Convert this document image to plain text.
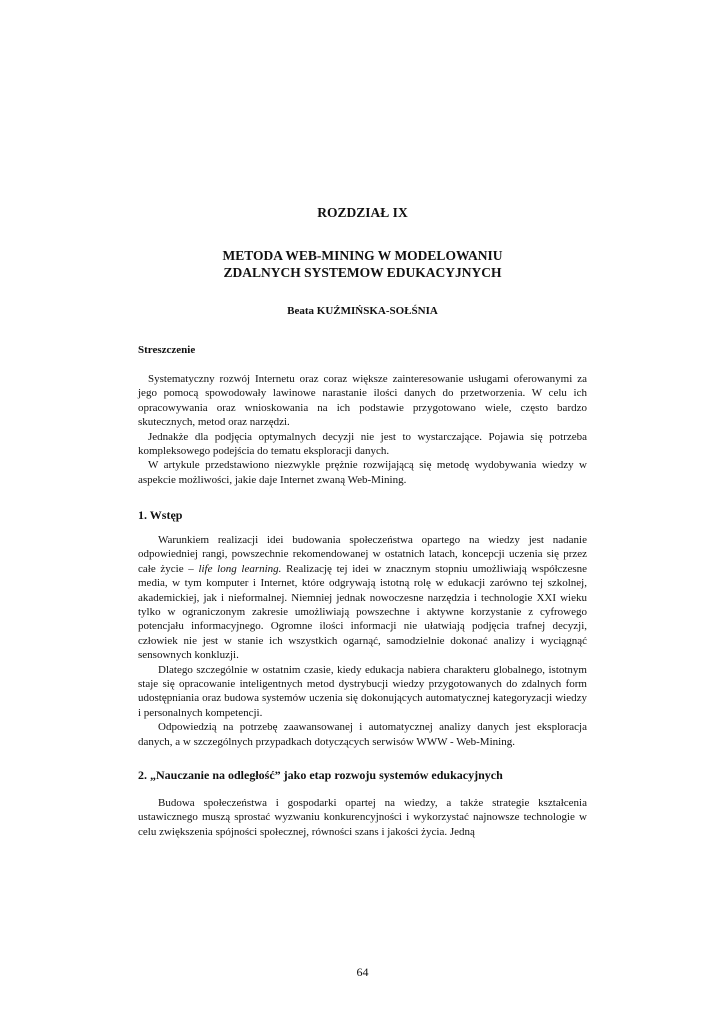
ROZDZIAŁ IX
METODA WEB-MINING W MODELOWANIU
ZDALNYCH SYSTEMOW EDUKACYJNYCH
Beata KUŹMIŃSKA-SOŁŚNIA
Streszczenie

Systematyczny rozwój Internetu oraz coraz większe zainteresowanie usługami oferowanymi za jego pomocą spowodowały lawinowe narastanie ilości danych do przetworzenia. W celu ich opracowywania oraz wnioskowania na ich podstawie przygotowano wiele, często bardzo skutecznych, metod oraz narzędzi.

Jednakże dla podjęcia optymalnych decyzji nie jest to wystarczające. Pojawia się potrzeba kompleksowego podejścia do tematu eksploracji danych.

W artykule przedstawiono niezwykle prężnie rozwijającą się metodę wydobywania wiedzy w aspekcie możliwości, jakie daje Internet zwaną Web-Mining.

1. Wstęp

Warunkiem realizacji idei budowania społeczeństwa opartego na wiedzy jest nadanie odpowiedniej rangi, powszechnie rekomendowanej w ostatnich latach, koncepcji uczenia się przez całe życie – life long learning. Realizację tej idei w znacznym stopniu umożliwiają współczesne media, w tym komputer i Internet, które odgrywają istotną rolę w edukacji zarówno tej szkolnej, akademickiej, jak i nieformalnej. Niemniej jednak nowoczesne narzędzia i technologie XXI wieku tylko w ograniczonym zakresie umożliwiają powszechne i aktywne korzystanie z cyfrowego potencjału informacyjnego. Ogromne ilości informacji nie ułatwiają podjęcia trafnej decyzji, człowiek nie jest w stanie ich wszystkich ogarnąć, samodzielnie dokonać analizy i wyciągnąć sensownych konkluzji.

Dlatego szczególnie w ostatnim czasie, kiedy edukacja nabiera charakteru globalnego, istotnym staje się opracowanie inteligentnych metod dystrybucji wiedzy przygotowanych do zdalnych form udostępniania oraz budowa systemów uczenia się dokonujących automatycznej kategoryzacji wiedzy i personalnych kompetencji.

Odpowiedzią na potrzebę zaawansowanej i automatycznej analizy danych jest eksploracja danych, a w szczególnych przypadkach dotyczących serwisów WWW - Web-Mining.

2. „Nauczanie na odległość” jako etap rozwoju systemów edukacyjnych

Budowa społeczeństwa i gospodarki opartej na wiedzy, a także strategie kształcenia ustawicznego muszą sprostać wyzwaniu konkurencyjności i wykorzystać najnowsze technologie w celu zwiększenia spójności społecznej, równości szans i jakości życia. Jedną

64
